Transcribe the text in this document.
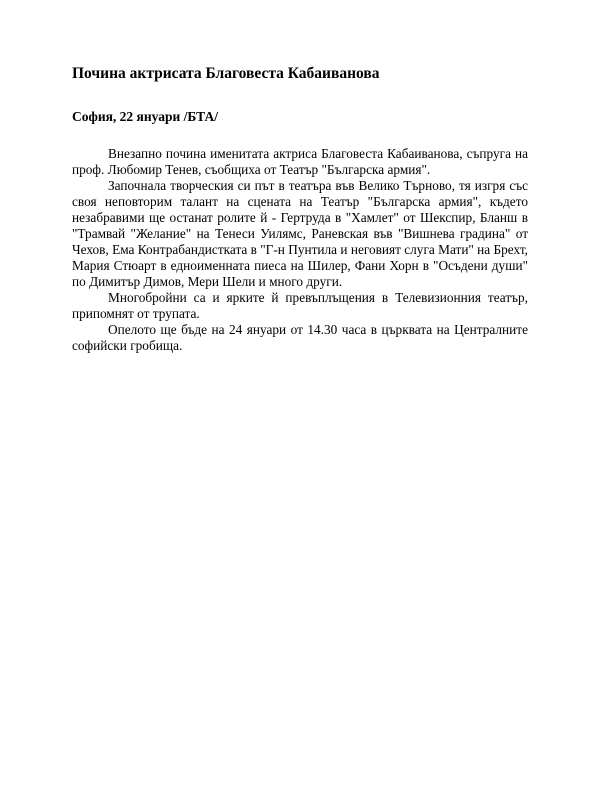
Почина актрисата Благовеста Кабаиванова

София, 22 януари /БТА/

Внезапно почина именитата актриса Благовеста Кабаиванова, съпруга на проф. Любомир Тенев, съобщиха от Театър "Българска армия".

Започнала творческия си път в театъра във Велико Търново, тя изгря със своя неповторим талант на сцената на Театър "Българска армия", където незабравими ще останат ролите й - Гертруда в "Хамлет" от Шекспир, Бланш в "Трамвай "Желание" на Тенеси Уилямс, Раневская във "Вишнева градина" от Чехов, Ема Контрабандистката в "Г-н Пунтила и неговият слуга Мати" на Брехт, Мария Стюарт в едноименната пиеса на Шилер, Фани Хорн в "Осъдени души" по Димитър Димов, Мери Шели и много други.

Многобройни са и ярките й превъплъщения в Телевизионния театър, припомнят от трупата.

Опелото ще бъде на 24 януари от 14.30 часа в църквата на Централните софийски гробища.
